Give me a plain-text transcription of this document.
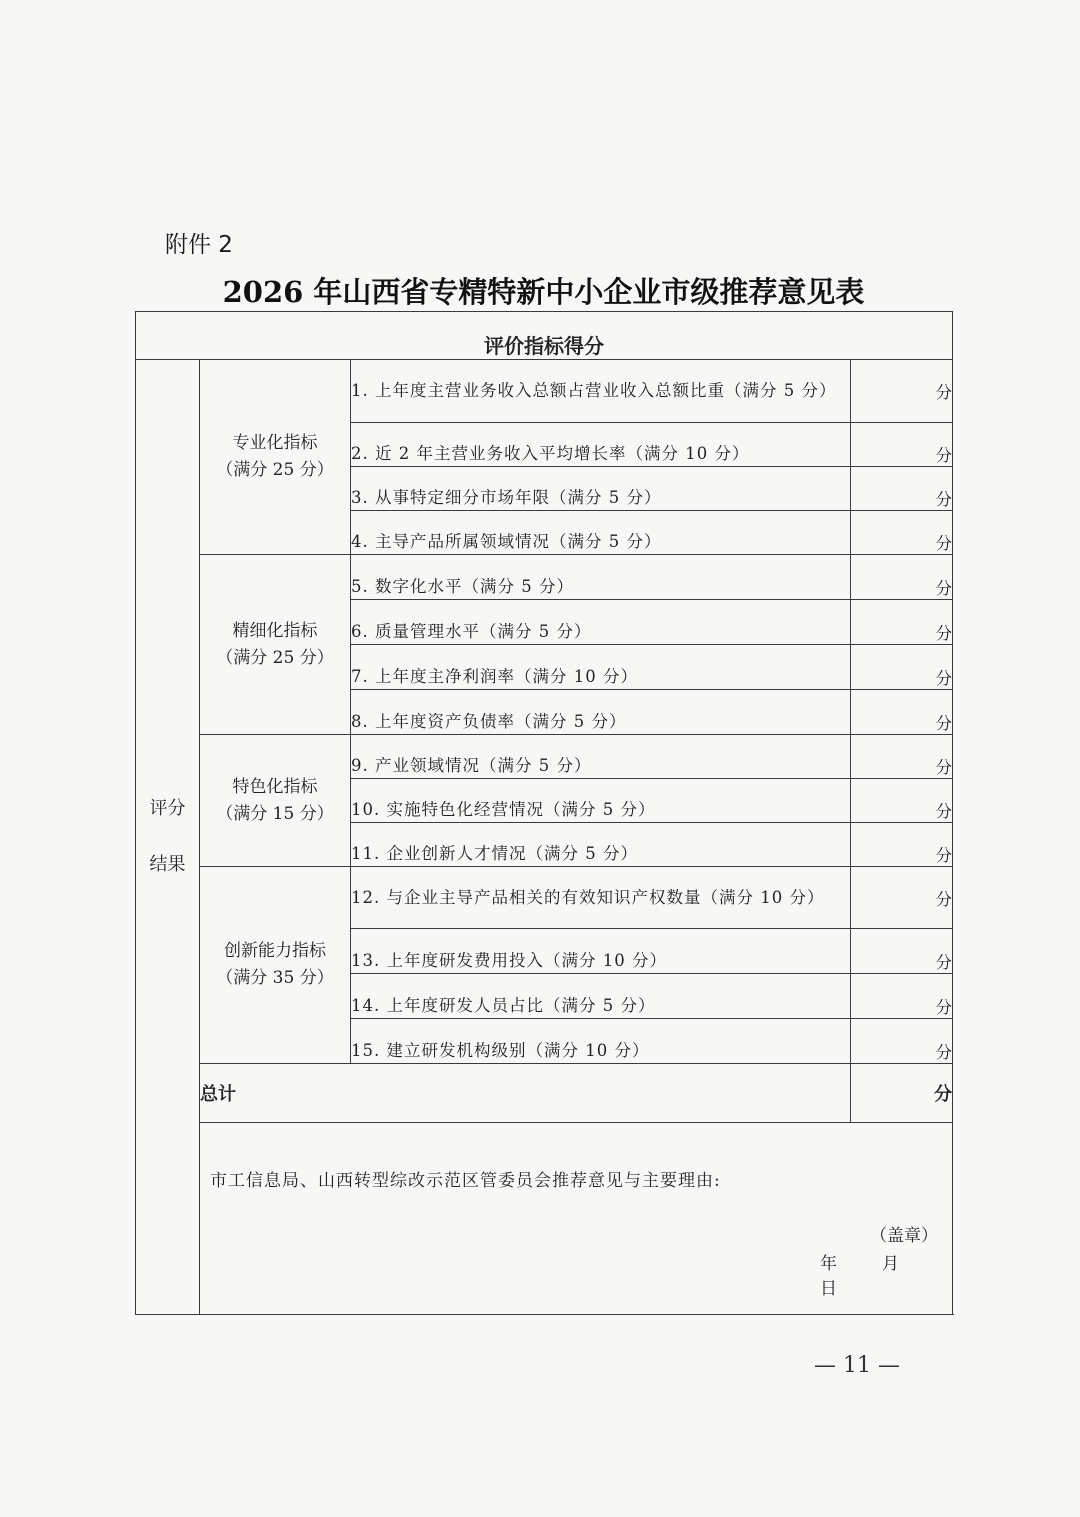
附件 2
2026 年山西省专精特新中小企业市级推荐意见表
评价指标得分			

评分
结果	专业化指标
（满分 25 分）	1. 上年度主营业务收入总额占营业收入总额比重（满分 5 分）	分
		2. 近 2 年主营业务收入平均增长率（满分 10 分）	分
		3. 从事特定细分市场年限（满分 5 分）	分
		4. 主导产品所属领域情况（满分 5 分）	分

	精细化指标
（满分 25 分）	5. 数字化水平（满分 5 分）	分
		6. 质量管理水平（满分 5 分）	分
		7. 上年度主净利润率（满分 10 分）	分
		8. 上年度资产负债率（满分 5 分）	分

	特色化指标
（满分 15 分）	9. 产业领域情况（满分 5 分）	分
		10. 实施特色化经营情况（满分 5 分）	分
		11. 企业创新人才情况（满分 5 分）	分

	创新能力指标
（满分 35 分）	12. 与企业主导产品相关的有效知识产权数量（满分 10 分）	分
		13. 上年度研发费用投入（满分 10 分）	分
		14. 上年度研发人员占比（满分 5 分）	分
		15. 建立研发机构级别（满分 10 分）	分
	总计		分

	市工信息局、山西转型综改示范区管委员会推荐意见与主要理由:
（盖章）
年 月日		
— 11 —
